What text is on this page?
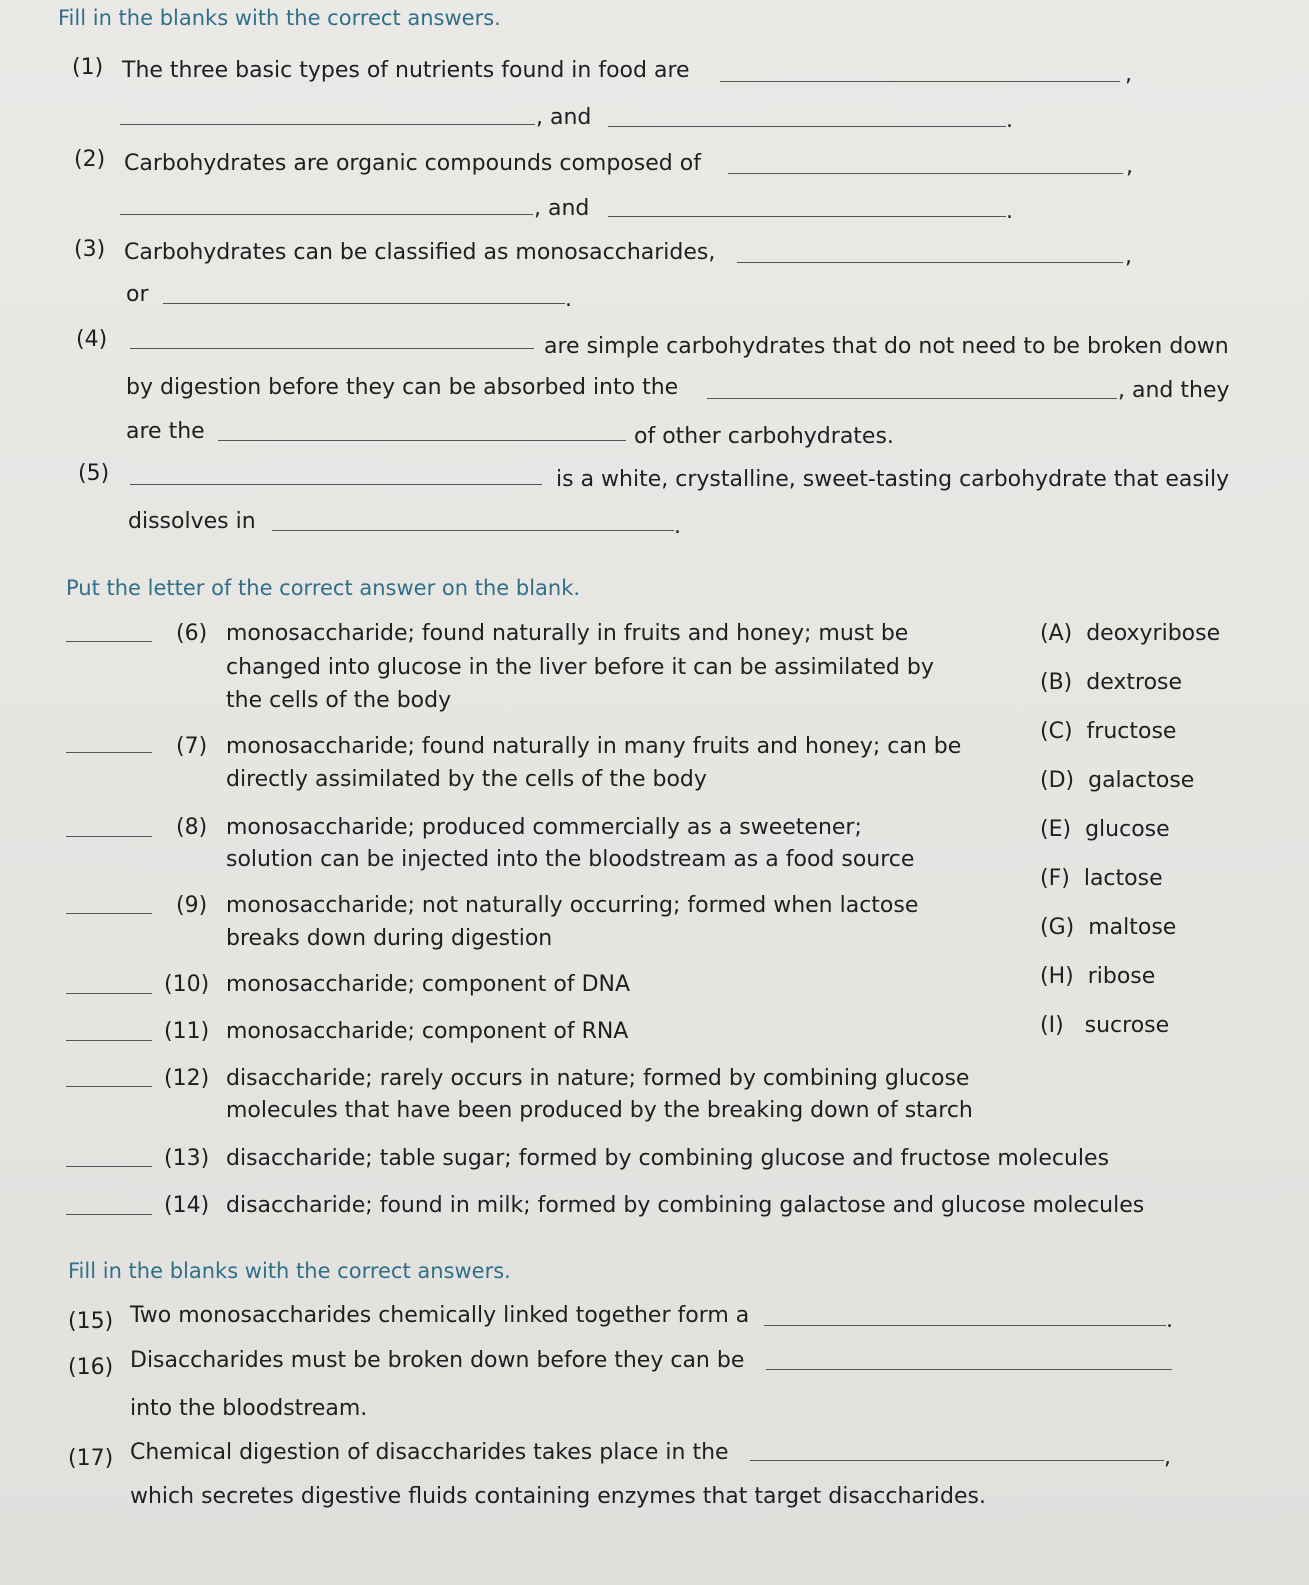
Fill in the blanks with the correct answers.
(1) The three basic types of nutrients found in food are	,
, and	.
(2) Carbohydrates are organic compounds composed of	,
, and	.
(3) Carbohydrates can be classified as monosaccharides,	,
or	.
(4)	are simple carbohydrates that do not need to be broken down
by digestion before they can be absorbed into the	, and they
are the	of other carbohydrates.
(5)	is a white, crystalline, sweet-tasting carbohydrate that easily
dissolves in	.
Put the letter of the correct answer on the blank.
(6) monosaccharide; found naturally in fruits and honey; must be
changed into glucose in the liver before it can be assimilated by
the cells of the body
(7) monosaccharide; found naturally in many fruits and honey; can be
directly assimilated by the cells of the body
(8) monosaccharide; produced commercially as a sweetener;
solution can be injected into the bloodstream as a food source
(9) monosaccharide; not naturally occurring; formed when lactose
breaks down during digestion
(10) monosaccharide; component of DNA
(11) monosaccharide; component of RNA
(12) disaccharide; rarely occurs in nature; formed by combining glucose
molecules that have been produced by the breaking down of starch
(13) disaccharide; table sugar; formed by combining glucose and fructose molecules
(14) disaccharide; found in milk; formed by combining galactose and glucose molecules
(A) deoxyribose
(B) dextrose
(C) fructose
(D) galactose
(E) glucose
(F) lactose
(G) maltose
(H) ribose
(I) sucrose
Fill in the blanks with the correct answers.
(15) Two monosaccharides chemically linked together form a	.
(16) Disaccharides must be broken down before they can be
into the bloodstream.
(17) Chemical digestion of disaccharides takes place in the	,
which secretes digestive fluids containing enzymes that target disaccharides.
